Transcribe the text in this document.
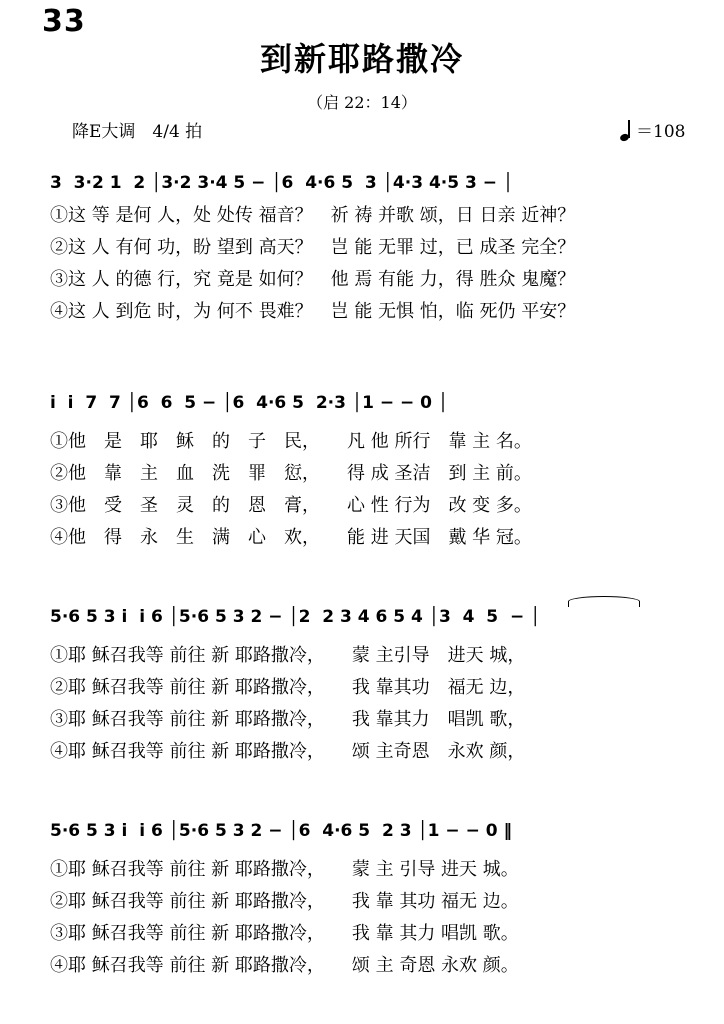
33
到新耶路撒冷
（启 22：14）
降E大调　4/4 拍	＝108
3  3·2 1  2 │3·2 3·4 5 − │6  4·6 5  3 │4·3 4·5 3 − │
①这 等 是何 人，处 处传 福音？　祈 祷 并歌 颂，日 日亲 近神？
②这 人 有何 功，盼 望到 高天？　岂 能 无罪 过，已 成圣 完全？
③这 人 的德 行，究 竟是 如何？　他 焉 有能 力，得 胜众 鬼魔？
④这 人 到危 时，为 何不 畏难？　岂 能 无惧 怕，临 死仍 平安？
i  i  7  7 │6  6  5 − │6  4·6 5  2·3 │1 − − 0 │
①他　是　耶　稣　的　子　民，　　凡 他 所行　靠 主 名。
②他　靠　主　血　洗　罪　愆，　　得 成 圣洁　到 主 前。
③他　受　圣　灵　的　恩　膏，　　心 性 行为　改 变 多。
④他　得　永　生　满　心　欢，　　能 进 天国　戴 华 冠。
5·6 5 3 i  i 6 │5·6 5 3 2 − │2  2 3 4 6 5 4 │3  4  5  − │
①耶 稣召我等 前往 新 耶路撒冷，　　蒙 主引导　进天 城，
②耶 稣召我等 前往 新 耶路撒冷，　　我 靠其功　福无 边，
③耶 稣召我等 前往 新 耶路撒冷，　　我 靠其力　唱凯 歌，
④耶 稣召我等 前往 新 耶路撒冷，　　颂 主奇恩　永欢 颜，
5·6 5 3 i  i 6 │5·6 5 3 2 − │6  4·6 5  2 3 │1 − − 0 ‖
①耶 稣召我等 前往 新 耶路撒冷，　　蒙 主 引导 进天 城。
②耶 稣召我等 前往 新 耶路撒冷，　　我 靠 其功 福无 边。
③耶 稣召我等 前往 新 耶路撒冷，　　我 靠 其力 唱凯 歌。
④耶 稣召我等 前往 新 耶路撒冷，　　颂 主 奇恩 永欢 颜。
